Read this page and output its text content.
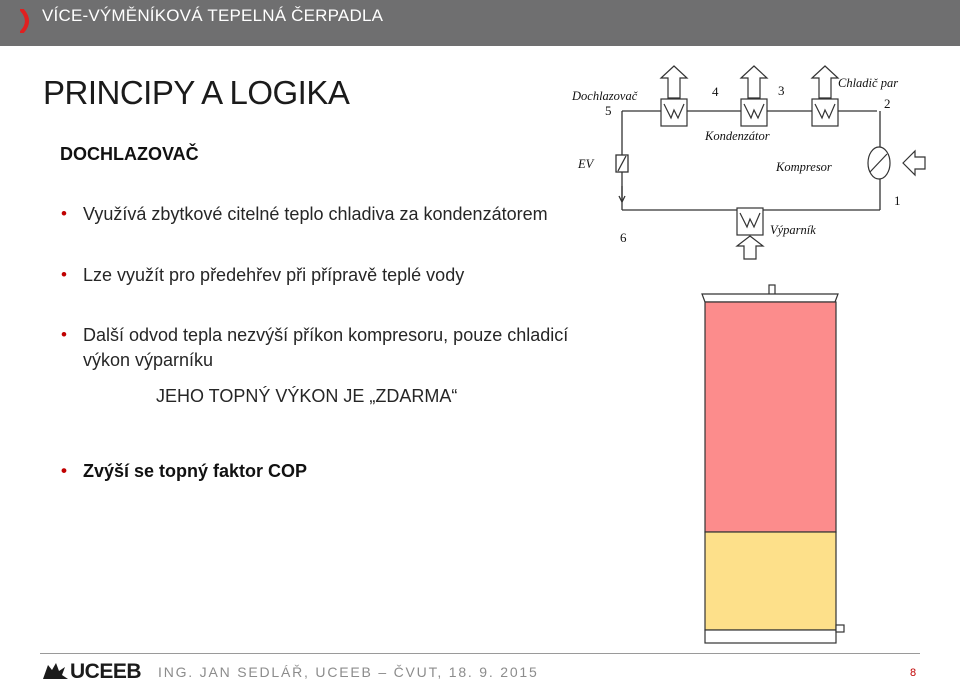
VÍCE-VÝMĚNÍKOVÁ TEPELNÁ ČERPADLA
PRINCIPY A LOGIKA
DOCHLAZOVAČ
• Využívá zbytkové citelné teplo chladiva za kondenzátorem
• Lze využít pro předehřev při přípravě teplé vody
• Další odvod tepla nezvýší příkon kompresoru, pouze chladicí
výkon výparníku
JEHO TOPNÝ VÝKON JE „ZDARMA“
• Zvýší se topný faktor COP
Dochlazovač
5
4	3
Kondenzátor
Chladič par
2
Kompresor
EV
1
6	Výparník
UCEEB ING. JAN SEDLÁŘ, UCEEB – ČVUT, 18. 9. 2015	8
